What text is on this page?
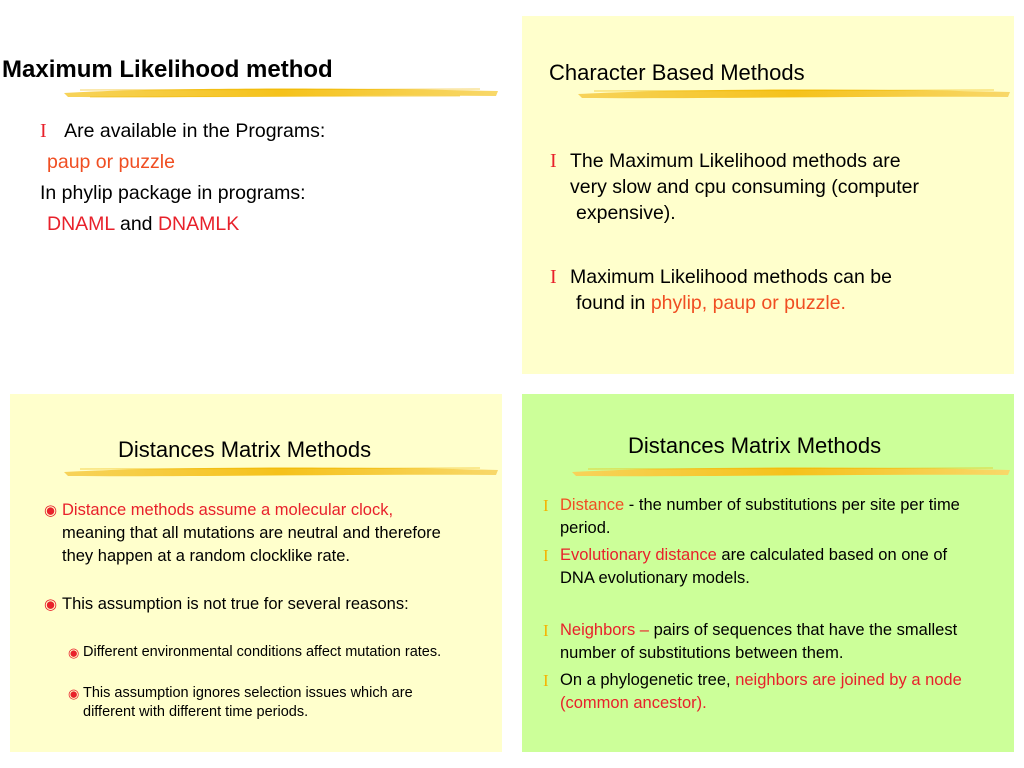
Maximum Likelihood method
I Are available in the Programs:
paup or puzzle
In phylip package in programs:
DNAML and DNAMLK
Character Based Methods
I The Maximum Likelihood methods are
very slow and cpu consuming (computer
expensive).
I Maximum Likelihood methods can be
found in phylip, paup or puzzle.
Distances Matrix Methods
◉ Distance methods assume a molecular clock, meaning that all mutations are neutral and therefore they happen at a random clocklike rate.
◉ This assumption is not true for several reasons:
◉ Different environmental conditions affect mutation rates.
◉ This assumption ignores selection issues which are different with different time periods.
Distances Matrix Methods
I Distance - the number of substitutions per site per time period.
I Evolutionary distance are calculated based on one of DNA evolutionary models.
I Neighbors – pairs of sequences that have the smallest number of substitutions between them.
I On a phylogenetic tree, neighbors are joined by a node (common ancestor).
